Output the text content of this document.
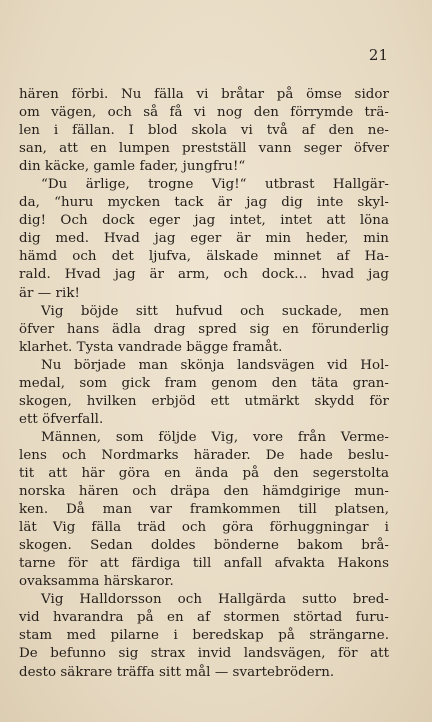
21
hären förbi. Nu fälla vi bråtar på ömse sidor
om vägen, och så få vi nog den förrymde trä-
len i fällan. I blod skola vi två af den ne-
san, att en lumpen prestställ vann seger öfver
din käcke, gamle fader, jungfru!“
“Du ärlige, trogne Vig!“ utbrast Hallgär-
da, “huru mycken tack är jag dig inte skyl-
dig! Och dock eger jag intet, intet att löna
dig med. Hvad jag eger är min heder, min
hämd och det ljufva, älskade minnet af Ha-
rald. Hvad jag är arm, och dock... hvad jag
är — rik!
Vig böjde sitt hufvud och suckade, men
öfver hans ädla drag spred sig en förunderlig
klarhet. Tysta vandrade bägge framåt.
Nu började man skönja landsvägen vid Hol-
medal, som gick fram genom den täta gran-
skogen, hvilken erbjöd ett utmärkt skydd för
ett öfverfall.
Männen, som följde Vig, vore från Verme-
lens och Nordmarks härader. De hade beslu-
tit att här göra en ända på den segerstolta
norska hären och dräpa den hämdgirige mun-
ken. Då man var framkommen till platsen,
lät Vig fälla träd och göra förhuggningar i
skogen. Sedan doldes bönderne bakom brå-
tarne för att färdiga till anfall afvakta Hakons
ovaksamma härskaror.
Vig Halldorsson och Hallgärda sutto bred-
vid hvarandra på en af stormen störtad furu-
stam med pilarne i beredskap på strängarne.
De befunno sig strax invid landsvägen, för att
desto säkrare träffa sitt mål — svartebrödern.
